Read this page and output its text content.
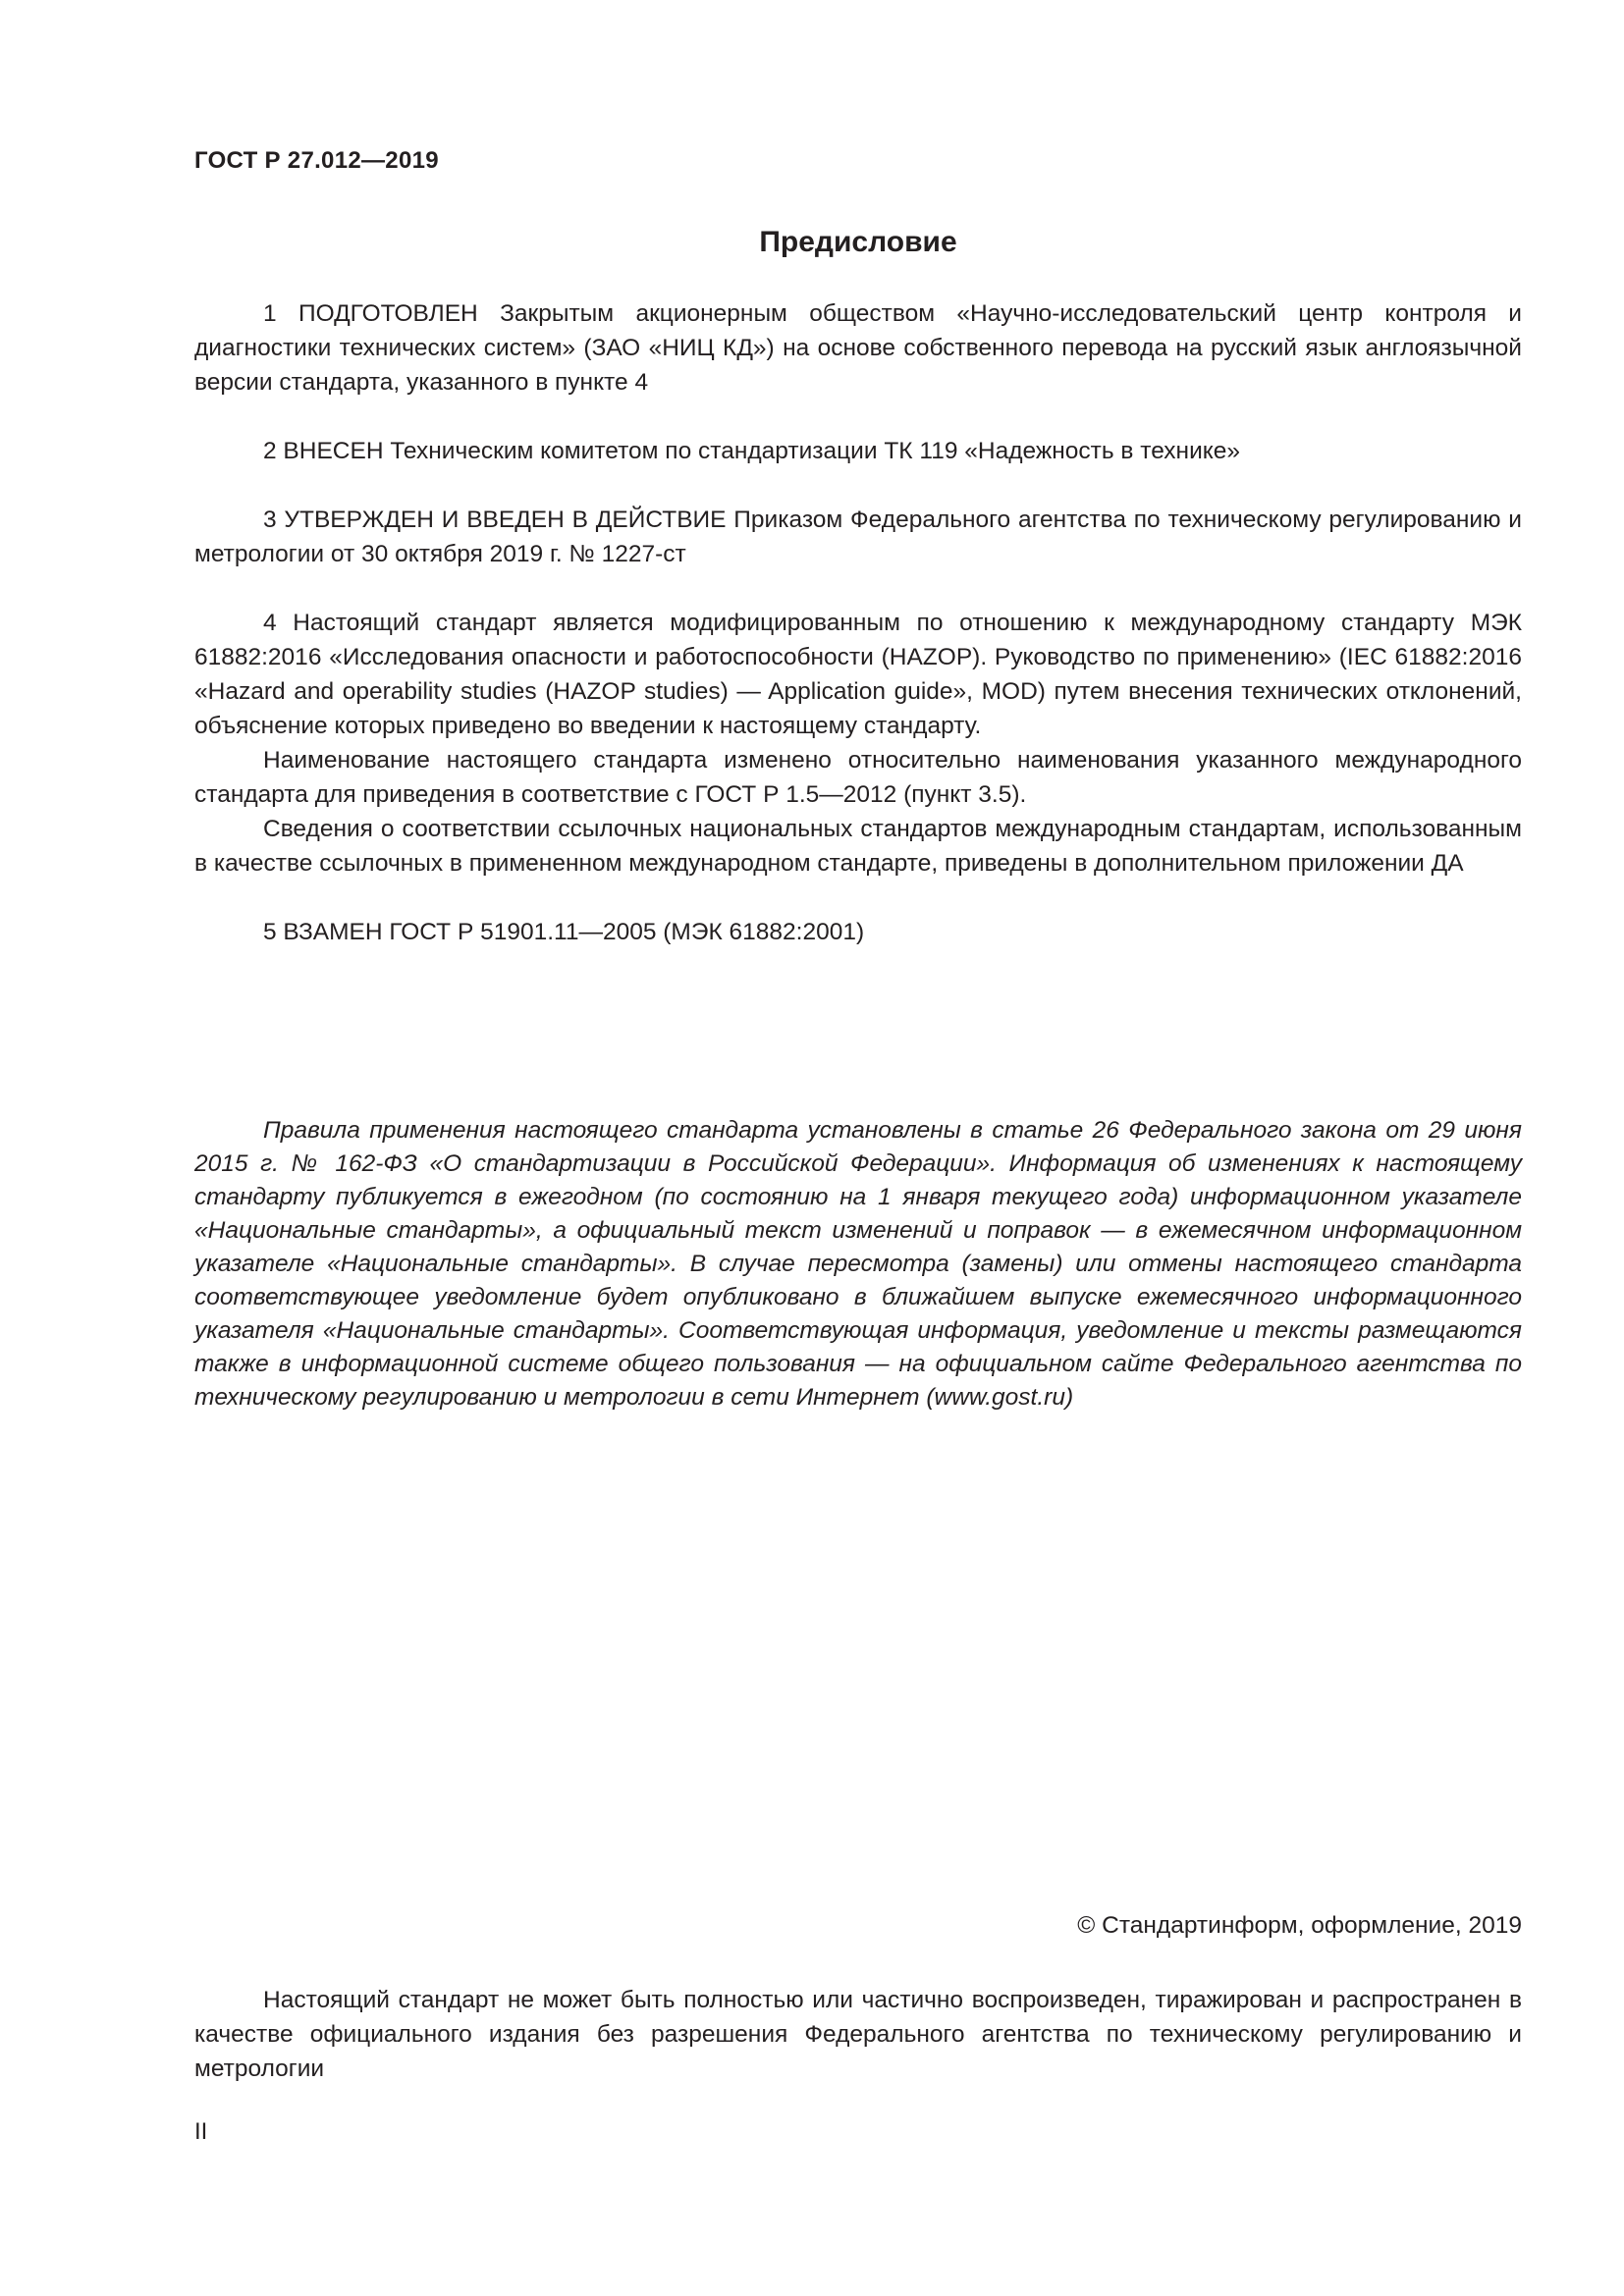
ГОСТ Р 27.012—2019
Предисловие

1 ПОДГОТОВЛЕН Закрытым акционерным обществом «Научно-исследовательский центр контроля и диагностики технических систем» (ЗАО «НИЦ КД») на основе собственного перевода на русский язык англоязычной версии стандарта, указанного в пункте 4

2 ВНЕСЕН Техническим комитетом по стандартизации ТК 119 «Надежность в технике»

3 УТВЕРЖДЕН И ВВЕДЕН В ДЕЙСТВИЕ Приказом Федерального агентства по техническому регулированию и метрологии от 30 октября 2019 г. № 1227-ст

4 Настоящий стандарт является модифицированным по отношению к международному стандарту МЭК 61882:2016 «Исследования опасности и работоспособности (HAZOP). Руководство по применению» (IEC 61882:2016 «Hazard and operability studies (HAZOP studies) — Application guide», MOD) путем внесения технических отклонений, объяснение которых приведено во введении к настоящему стандарту.

Наименование настоящего стандарта изменено относительно наименования указанного международного стандарта для приведения в соответствие с ГОСТ Р 1.5—2012 (пункт 3.5).

Сведения о соответствии ссылочных национальных стандартов международным стандартам, использованным в качестве ссылочных в примененном международном стандарте, приведены в дополнительном приложении ДА

5 ВЗАМЕН ГОСТ Р 51901.11—2005 (МЭК 61882:2001)

Правила применения настоящего стандарта установлены в статье 26 Федерального закона от 29 июня 2015 г. № 162-ФЗ «О стандартизации в Российской Федерации». Информация об изменениях к настоящему стандарту публикуется в ежегодном (по состоянию на 1 января текущего года) информационном указателе «Национальные стандарты», а официальный текст изменений и поправок — в ежемесячном информационном указателе «Национальные стандарты». В случае пересмотра (замены) или отмены настоящего стандарта соответствующее уведомление будет опубликовано в ближайшем выпуске ежемесячного информационного указателя «Национальные стандарты». Соответствующая информация, уведомление и тексты размещаются также в информационной системе общего пользования — на официальном сайте Федерального агентства по техническому регулированию и метрологии в сети Интернет (www.gost.ru)

© Стандартинформ, оформление, 2019

Настоящий стандарт не может быть полностью или частично воспроизведен, тиражирован и распространен в качестве официального издания без разрешения Федерального агентства по техническому регулированию и метрологии

II
